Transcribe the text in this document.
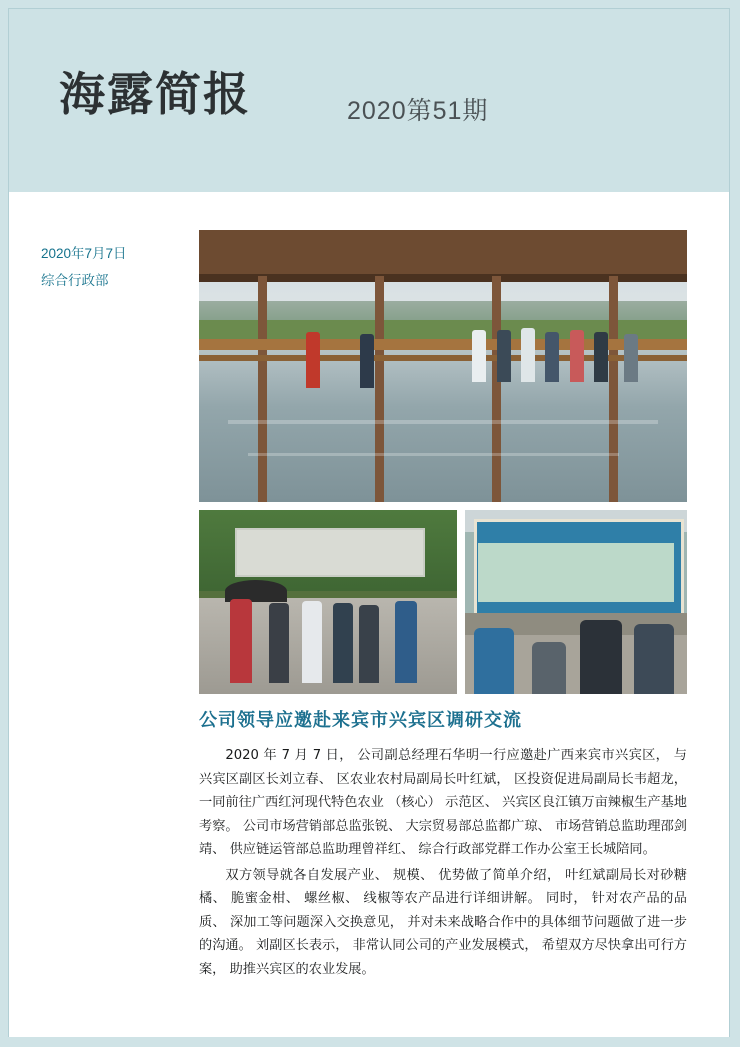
海露简报	2020第51期
2020年7月7日
综合行政部
公司领导应邀赴来宾市兴宾区调研交流

2020 年 7 月 7 日， 公司副总经理石华明一行应邀赴广西来宾市兴宾区， 与兴宾区副区长刘立春、 区农业农村局副局长叶红斌， 区投资促进局副局长韦超龙， 一同前往广西红河现代特色农业 （核心） 示范区、 兴宾区良江镇万亩辣椒生产基地考察。 公司市场营销部总监张锐、 大宗贸易部总监都广琼、 市场营销总监助理邵剑靖、 供应链运管部总监助理曾祥红、 综合行政部党群工作办公室王长城陪同。

双方领导就各自发展产业、 规模、 优势做了简单介绍， 叶红斌副局长对砂糖橘、 脆蜜金柑、 螺丝椒、 线椒等农产品进行详细讲解。 同时， 针对农产品的品质、 深加工等问题深入交换意见， 并对未来战略合作中的具体细节问题做了进一步的沟通。 刘副区长表示， 非常认同公司的产业发展模式， 希望双方尽快拿出可行方案， 助推兴宾区的农业发展。
